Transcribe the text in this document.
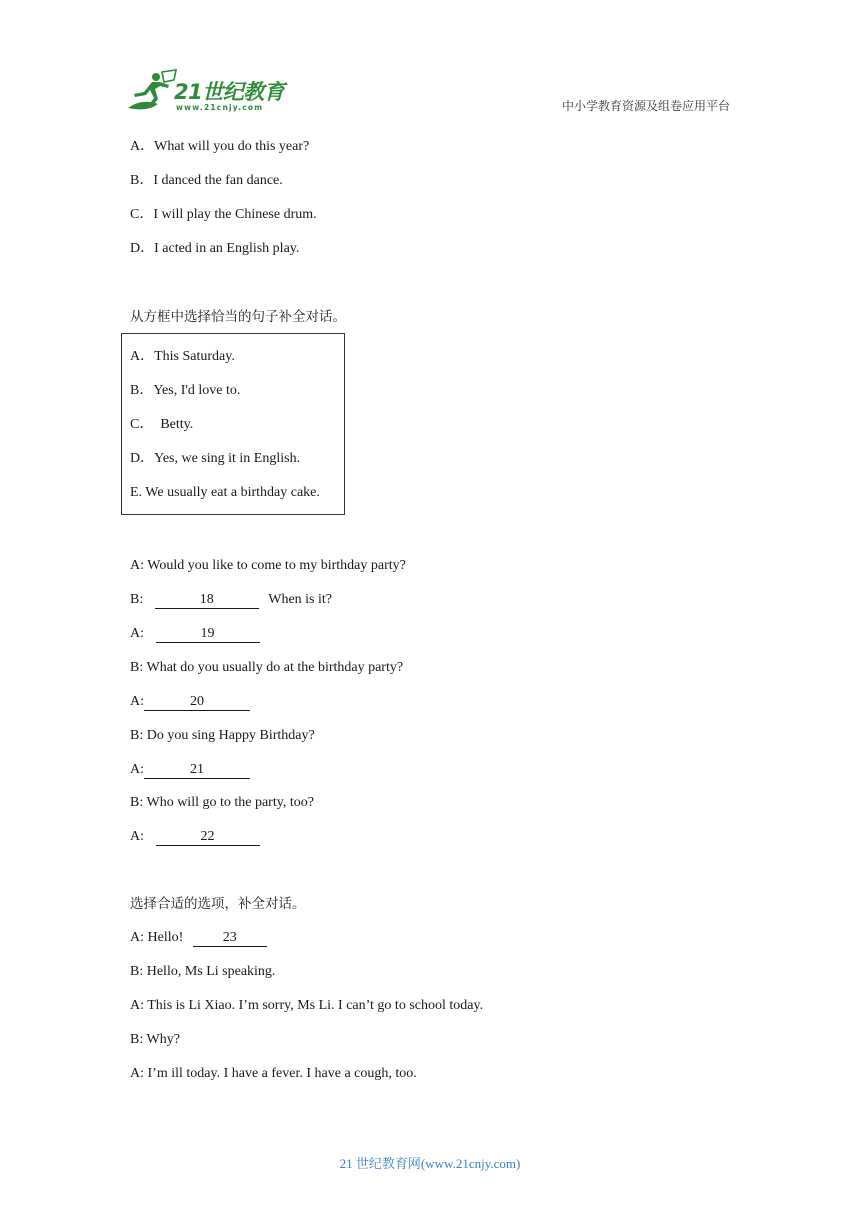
21世纪教育
www.21cnjy.com	中小学教育资源及组卷应用平台
A．What will you do this year?
B．I danced the fan dance.
C．I will play the Chinese drum.
D．I acted in an English play.
从方框中选择恰当的句子补全对话。
A．This Saturday.
B．Yes, I'd love to.
C．  Betty.
D．Yes, we sing it in English.
E. We usually eat a birthday cake.
A: Would you like to come to my birthday party?
B:	18	When is it?
A:	19
B: What do you usually do at the birthday party?
A:	20
B: Do you sing Happy Birthday?
A:	21
B: Who will go to the party, too?
A:	22
选择合适的选项，补全对话。
A: Hello!	23
B: Hello, Ms Li speaking.
A: This is Li Xiao. I’m sorry, Ms Li. I can’t go to school today.
B: Why?
A: I’m ill today. I have a fever. I have a cough, too.
21 世纪教育网(www.21cnjy.com)
